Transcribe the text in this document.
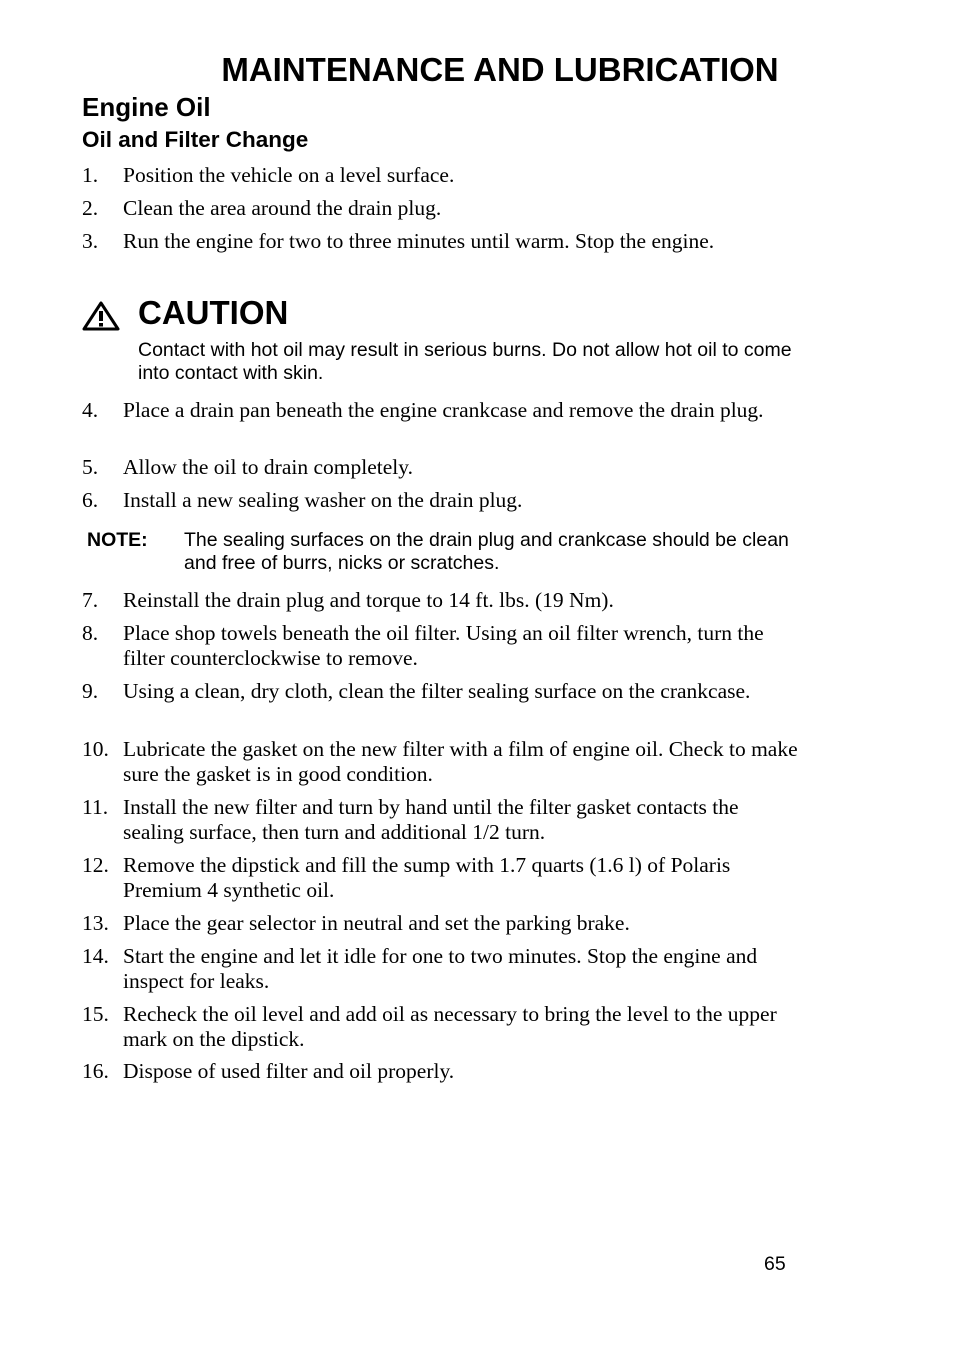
MAINTENANCE AND LUBRICATION
Engine Oil
Oil and Filter Change
1.	Position the vehicle on a level surface.
2.	Clean the area around the drain plug.
3.	Run the engine for two to three minutes until warm. Stop the engine.
CAUTION
Contact with hot oil may result in serious burns. Do not allow hot oil to come into contact with skin.
4.	Place a drain pan beneath the engine crankcase and remove the drain plug.
5.	Allow the oil to drain completely.
6.	Install a new sealing washer on the drain plug.
NOTE: The sealing surfaces on the drain plug and crankcase should be clean and free of burrs, nicks or scratches.
7.	Reinstall the drain plug and torque to 14 ft. lbs. (19 Nm).
8.	Place shop towels beneath the oil filter. Using an oil filter wrench, turn the filter counterclockwise to remove.
9.	Using a clean, dry cloth, clean the filter sealing surface on the crankcase.
10. Lubricate the gasket on the new filter with a film of engine oil. Check to make sure the gasket is in good condition.
11. Install the new filter and turn by hand until the filter gasket contacts the sealing surface, then turn and additional 1/2 turn.
12. Remove the dipstick and fill the sump with 1.7 quarts (1.6 l) of Polaris Premium 4 synthetic oil.
13. Place the gear selector in neutral and set the parking brake.
14. Start the engine and let it idle for one to two minutes. Stop the engine and inspect for leaks.
15. Recheck the oil level and add oil as necessary to bring the level to the upper mark on the dipstick.
16. Dispose of used filter and oil properly.
65
